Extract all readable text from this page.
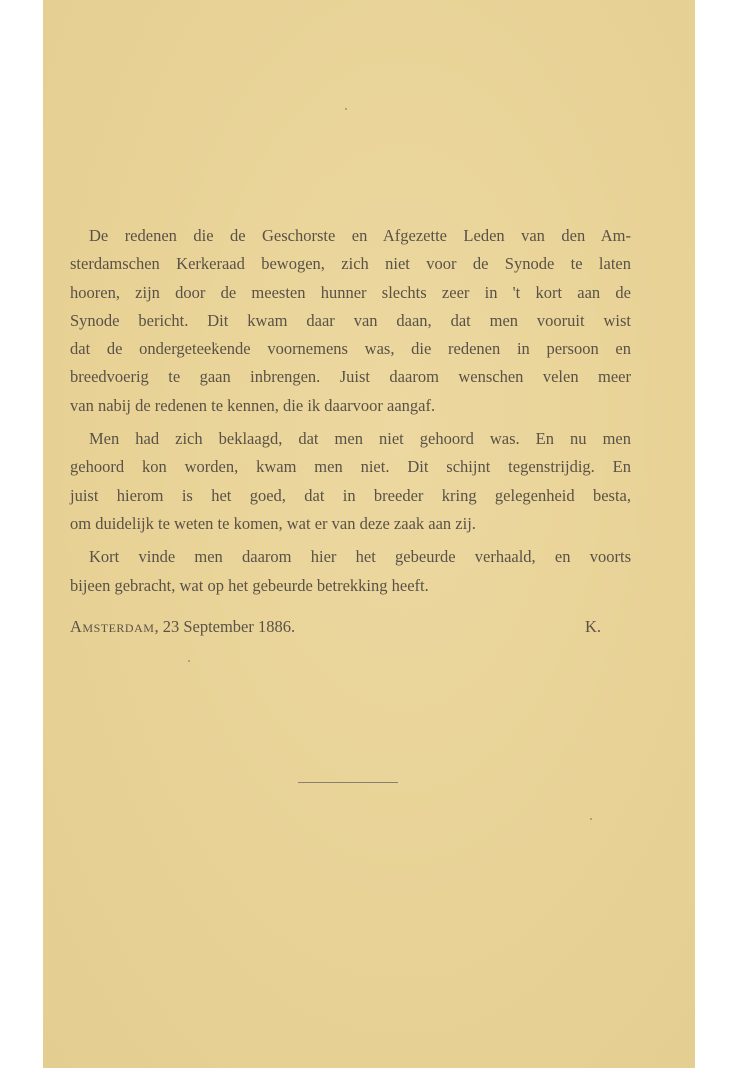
De redenen die de Geschorste en Afgezette Leden van den Am-
sterdamschen Kerkeraad bewogen, zich niet voor de Synode te laten
hooren, zijn door de meesten hunner slechts zeer in 't kort aan de
Synode bericht. Dit kwam daar van daan, dat men vooruit wist
dat de ondergeteekende voornemens was, die redenen in persoon en
breedvoerig te gaan inbrengen. Juist daarom wenschen velen meer
van nabij de redenen te kennen, die ik daarvoor aangaf.
Men had zich beklaagd, dat men niet gehoord was. En nu men
gehoord kon worden, kwam men niet. Dit schijnt tegenstrijdig. En
juist hierom is het goed, dat in breeder kring gelegenheid besta,
om duidelijk te weten te komen, wat er van deze zaak aan zij.
Kort vinde men daarom hier het gebeurde verhaald, en voorts
bijeen gebracht, wat op het gebeurde betrekking heeft.
Amsterdam, 23 September 1886.	K.
